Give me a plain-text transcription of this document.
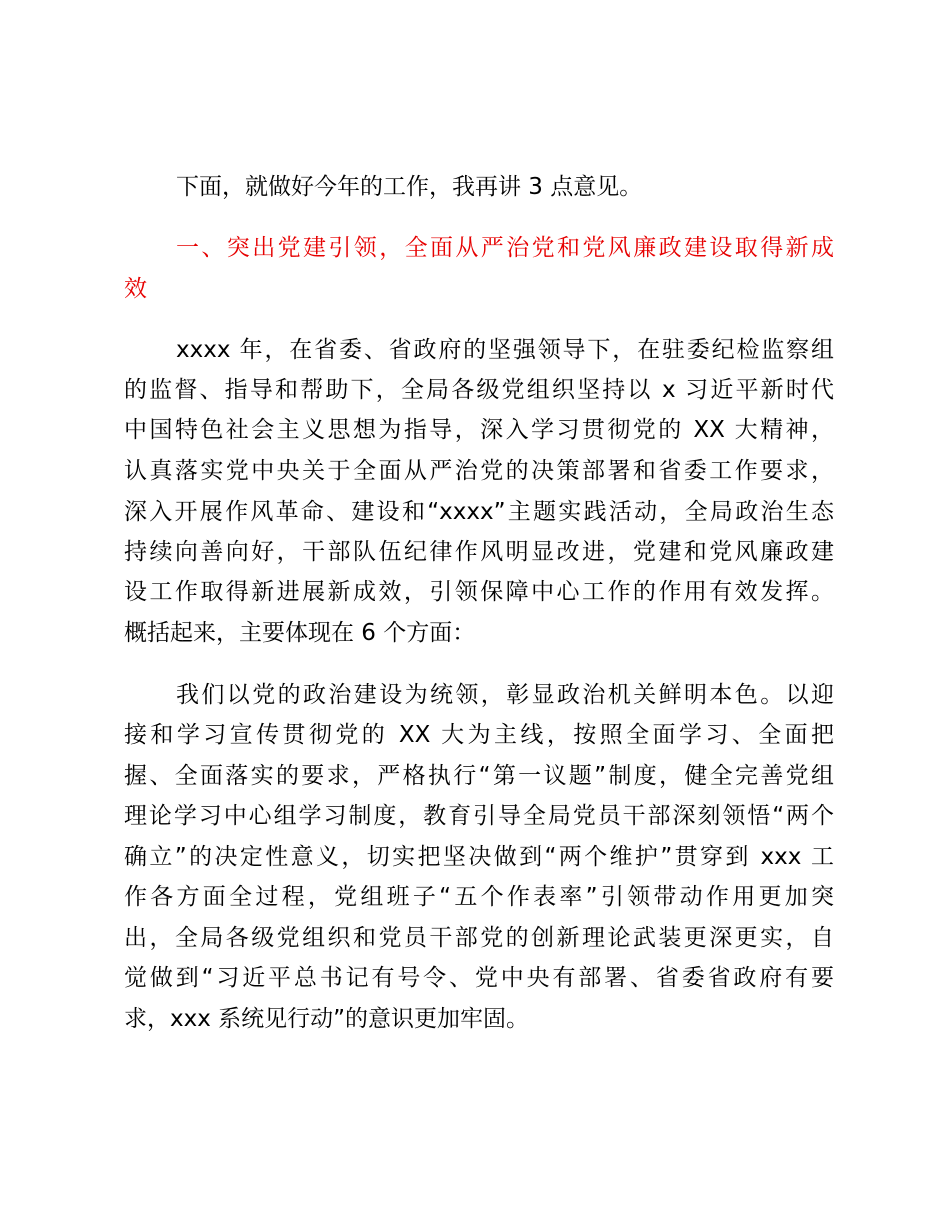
下面，就做好今年的工作，我再讲 3 点意见。
一、突出党建引领，全面从严治党和党风廉政建设取得新成
效
xxxx 年，在省委、省政府的坚强领导下，在驻委纪检监察组
的监督、指导和帮助下，全局各级党组织坚持以 x 习近平新时代
中国特色社会主义思想为指导，深入学习贯彻党的 XX 大精神，
认真落实党中央关于全面从严治党的决策部署和省委工作要求，
深入开展作风革命、建设和“xxxx”主题实践活动，全局政治生态
持续向善向好，干部队伍纪律作风明显改进，党建和党风廉政建
设工作取得新进展新成效，引领保障中心工作的作用有效发挥。
概括起来，主要体现在 6 个方面：
我们以党的政治建设为统领，彰显政治机关鲜明本色。以迎
接和学习宣传贯彻党的 XX 大为主线，按照全面学习、全面把
握、全面落实的要求，严格执行“第一议题”制度，健全完善党组
理论学习中心组学习制度，教育引导全局党员干部深刻领悟“两个
确立”的决定性意义，切实把坚决做到“两个维护”贯穿到 xxx 工
作各方面全过程，党组班子“五个作表率”引领带动作用更加突
出，全局各级党组织和党员干部党的创新理论武装更深更实，自
觉做到“习近平总书记有号令、党中央有部署、省委省政府有要
求，xxx 系统见行动”的意识更加牢固。
